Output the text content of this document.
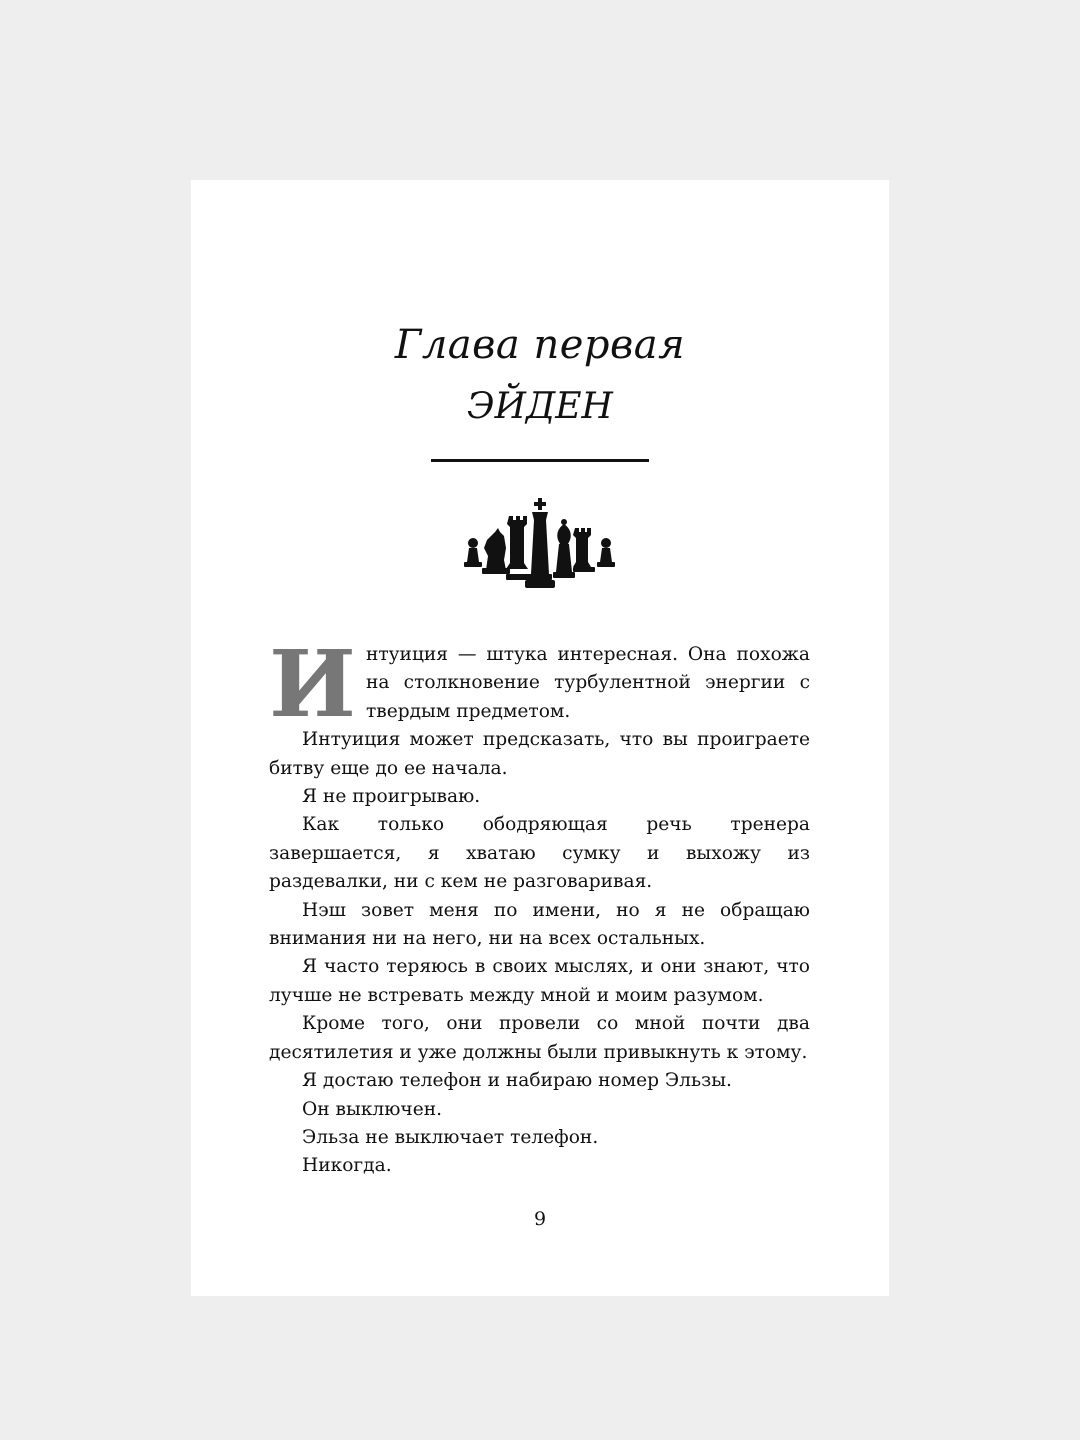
Глава первая
ЭЙДЕН
И нтуиция — штука интересная. Она похожа на столкновение турбулентной энергии с твердым предметом.

Интуиция может предсказать, что вы проиграете битву еще до ее начала.

Я не проигрываю.

Как только ободряющая речь тренера завершается, я хватаю сумку и выхожу из раздевалки, ни с кем не разговаривая.

Нэш зовет меня по имени, но я не обращаю внимания ни на него, ни на всех остальных.

Я часто теряюсь в своих мыслях, и они знают, что лучше не встревать между мной и моим разумом.

Кроме того, они провели со мной почти два десятилетия и уже должны были привыкнуть к этому.

Я достаю телефон и набираю номер Эльзы.

Он выключен.

Эльза не выключает телефон.

Никогда.

9
